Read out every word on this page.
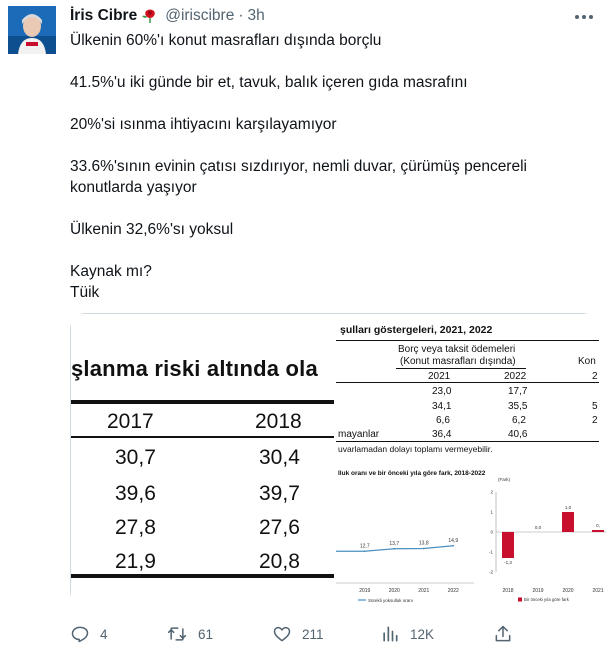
İris Cibre @iriscibre · 3h

Ülkenin 60%'ı konut masrafları dışında borçlu

41.5%'u iki günde bir et, tavuk, balık içeren gıda masrafını

20%'si ısınma ihtiyacını karşılayamıyor

33.6%'sının evinin çatısı sızdırıyor, nemli duvar, çürümüş pencereli konutlarda yaşıyor

Ülkenin 32,6%'sı yoksul

Kaynak mı?

Tüik

şlanma riski altında ola
2017	2018
30,7	30,4
39,6	39,7
27,8	27,6
21,9	20,8
şulları göstergeleri, 2021, 2022
Borç veya taksit ödemeleri
(Konut masrafları dışında)	Kon
2021	2022	2
23,0	17,7
34,1	35,5	5
6,6	6,2	2
mayanlar	36,4	40,6
uvarlamadan dolayı toplamı vermeyebilir.
lluk oranı ve bir önceki yıla göre fark, 2018-2022
2019
12,7
2020
13,7
2021
13,8
2022
14,9
Sürekli yoksulluk oranı
(Fark)
2
1
0
-1
-2
-1,3
2018
0,0
2019
1,0
2020
0,
2021
Bir önceki yıla göre fark
4	61	211	12K
